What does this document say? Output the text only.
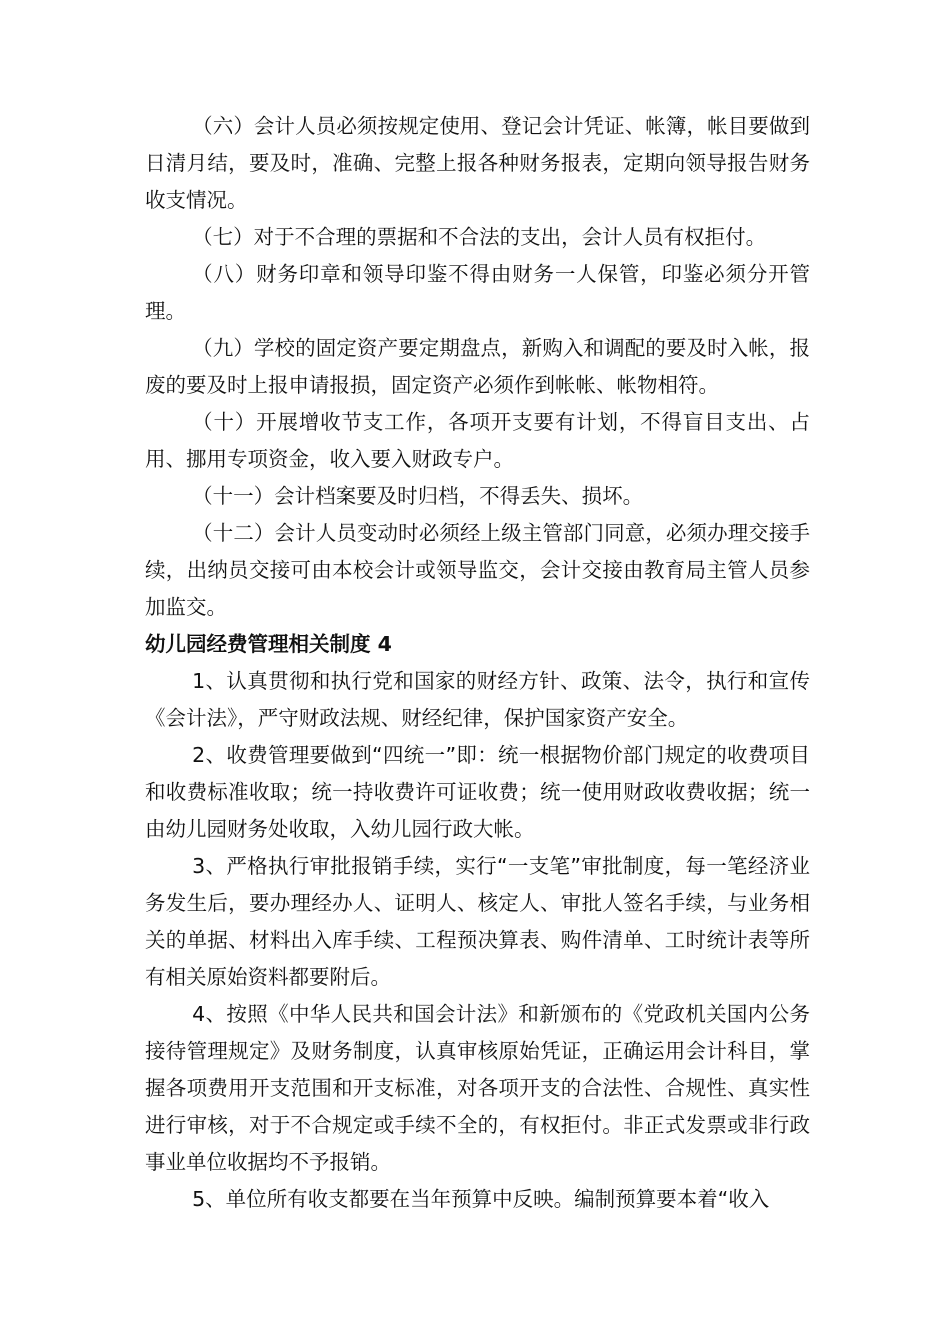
（六）会计人员必须按规定使用、登记会计凭证、帐簿，帐目要做到日清月结，要及时，准确、完整上报各种财务报表，定期向领导报告财务收支情况。

（七）对于不合理的票据和不合法的支出，会计人员有权拒付。

（八）财务印章和领导印鉴不得由财务一人保管，印鉴必须分开管理。

（九）学校的固定资产要定期盘点，新购入和调配的要及时入帐，报废的要及时上报申请报损，固定资产必须作到帐帐、帐物相符。

（十）开展增收节支工作，各项开支要有计划，不得盲目支出、占用、挪用专项资金，收入要入财政专户。

（十一）会计档案要及时归档，不得丢失、损坏。

（十二）会计人员变动时必须经上级主管部门同意，必须办理交接手续，出纳员交接可由本校会计或领导监交，会计交接由教育局主管人员参加监交。

幼儿园经费管理相关制度 4

1、认真贯彻和执行党和国家的财经方针、政策、法令，执行和宣传《会计法》，严守财政法规、财经纪律，保护国家资产安全。

2、收费管理要做到“四统一”即：统一根据物价部门规定的收费项目和收费标准收取；统一持收费许可证收费；统一使用财政收费收据；统一由幼儿园财务处收取，入幼儿园行政大帐。

3、严格执行审批报销手续，实行“一支笔”审批制度，每一笔经济业务发生后，要办理经办人、证明人、核定人、审批人签名手续，与业务相关的单据、材料出入库手续、工程预决算表、购件清单、工时统计表等所有相关原始资料都要附后。

4、按照《中华人民共和国会计法》和新颁布的《党政机关国内公务接待管理规定》及财务制度，认真审核原始凭证，正确运用会计科目，掌握各项费用开支范围和开支标准，对各项开支的合法性、合规性、真实性进行审核，对于不合规定或手续不全的，有权拒付。非正式发票或非行政事业单位收据均不予报销。

5、单位所有收支都要在当年预算中反映。编制预算要本着“收入
